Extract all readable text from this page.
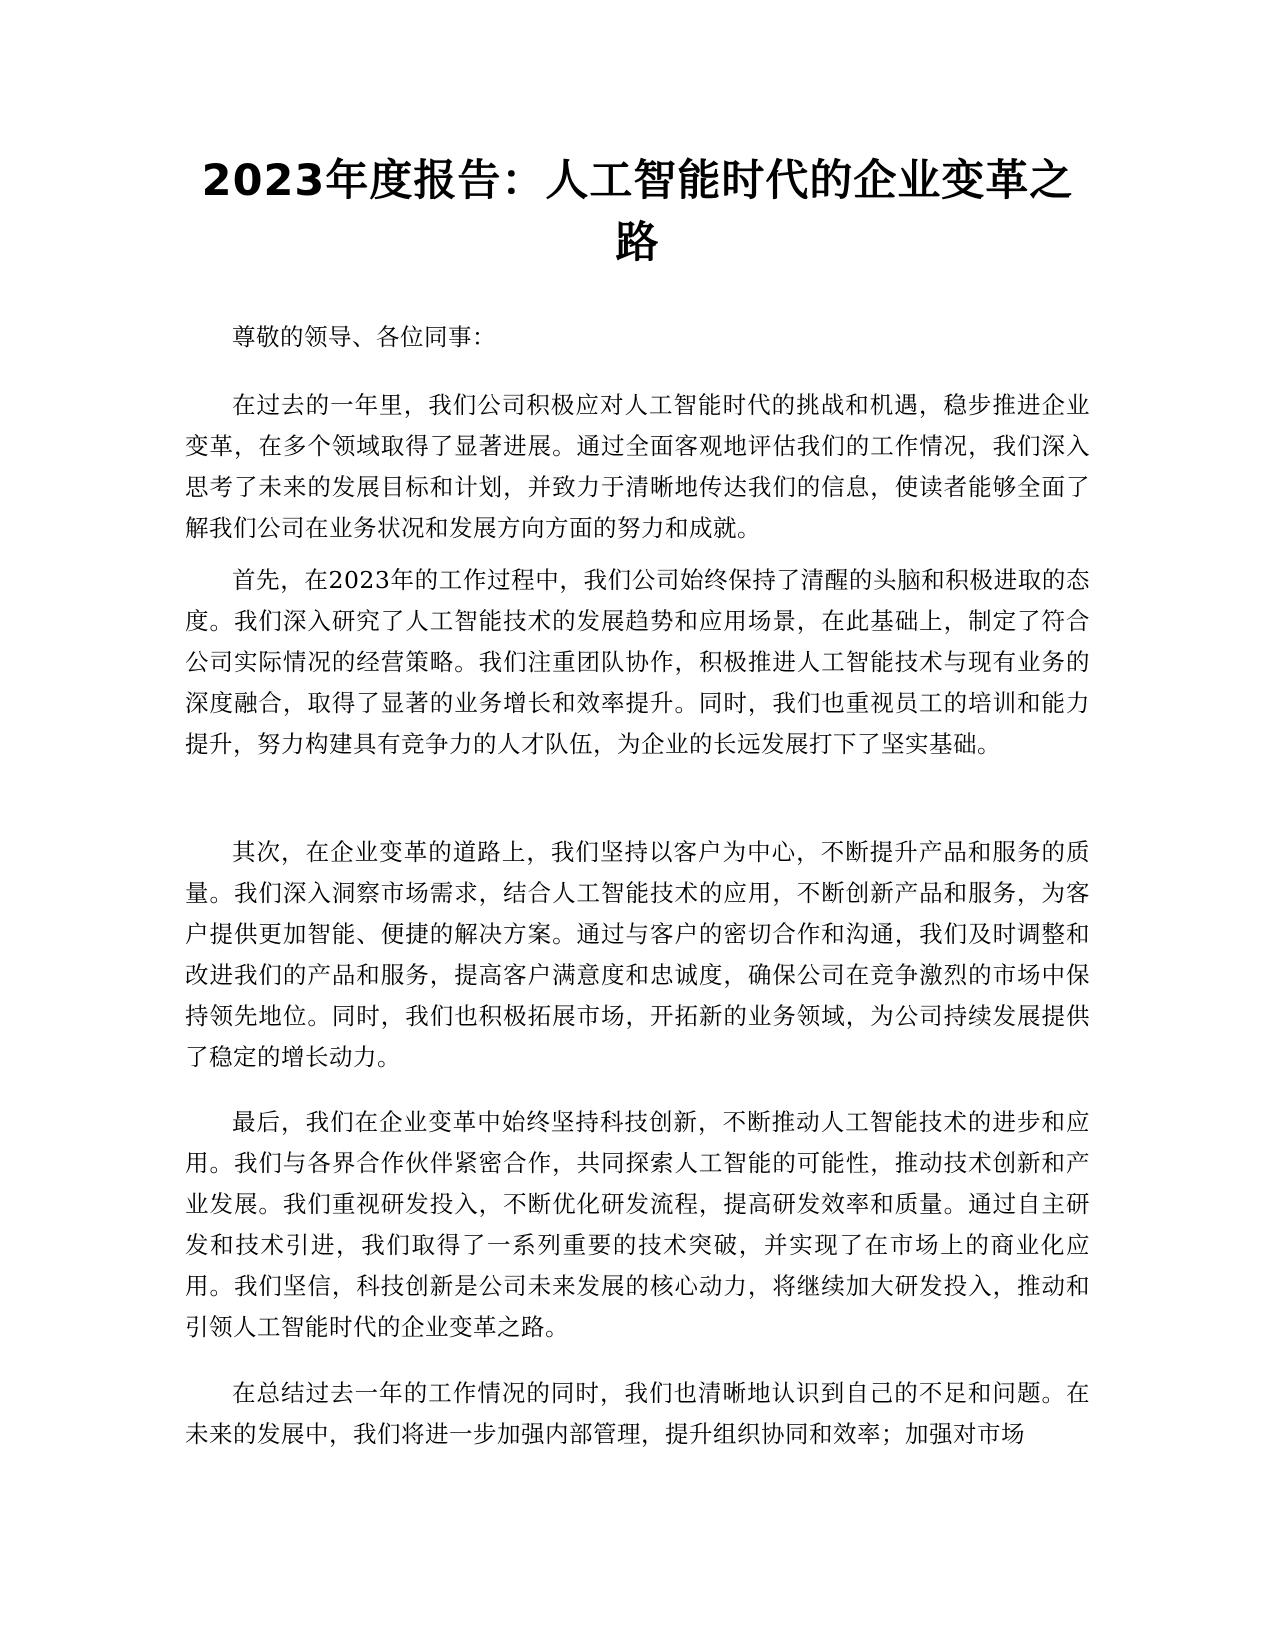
2023年度报告：人工智能时代的企业变革之路

尊敬的领导、各位同事：

在过去的一年里，我们公司积极应对人工智能时代的挑战和机遇，稳步推进企业变革，在多个领域取得了显著进展。通过全面客观地评估我们的工作情况，我们深入思考了未来的发展目标和计划，并致力于清晰地传达我们的信息，使读者能够全面了解我们公司在业务状况和发展方向方面的努力和成就。

首先，在2023年的工作过程中，我们公司始终保持了清醒的头脑和积极进取的态度。我们深入研究了人工智能技术的发展趋势和应用场景，在此基础上，制定了符合公司实际情况的经营策略。我们注重团队协作，积极推进人工智能技术与现有业务的深度融合，取得了显著的业务增长和效率提升。同时，我们也重视员工的培训和能力提升，努力构建具有竞争力的人才队伍，为企业的长远发展打下了坚实基础。

其次，在企业变革的道路上，我们坚持以客户为中心，不断提升产品和服务的质量。我们深入洞察市场需求，结合人工智能技术的应用，不断创新产品和服务，为客户提供更加智能、便捷的解决方案。通过与客户的密切合作和沟通，我们及时调整和改进我们的产品和服务，提高客户满意度和忠诚度，确保公司在竞争激烈的市场中保持领先地位。同时，我们也积极拓展市场，开拓新的业务领域，为公司持续发展提供了稳定的增长动力。

最后，我们在企业变革中始终坚持科技创新，不断推动人工智能技术的进步和应用。我们与各界合作伙伴紧密合作，共同探索人工智能的可能性，推动技术创新和产业发展。我们重视研发投入，不断优化研发流程，提高研发效率和质量。通过自主研发和技术引进，我们取得了一系列重要的技术突破，并实现了在市场上的商业化应用。我们坚信，科技创新是公司未来发展的核心动力，将继续加大研发投入，推动和引领人工智能时代的企业变革之路。

在总结过去一年的工作情况的同时，我们也清晰地认识到自己的不足和问题。在未来的发展中，我们将进一步加强内部管理，提升组织协同和效率；加强对市场
